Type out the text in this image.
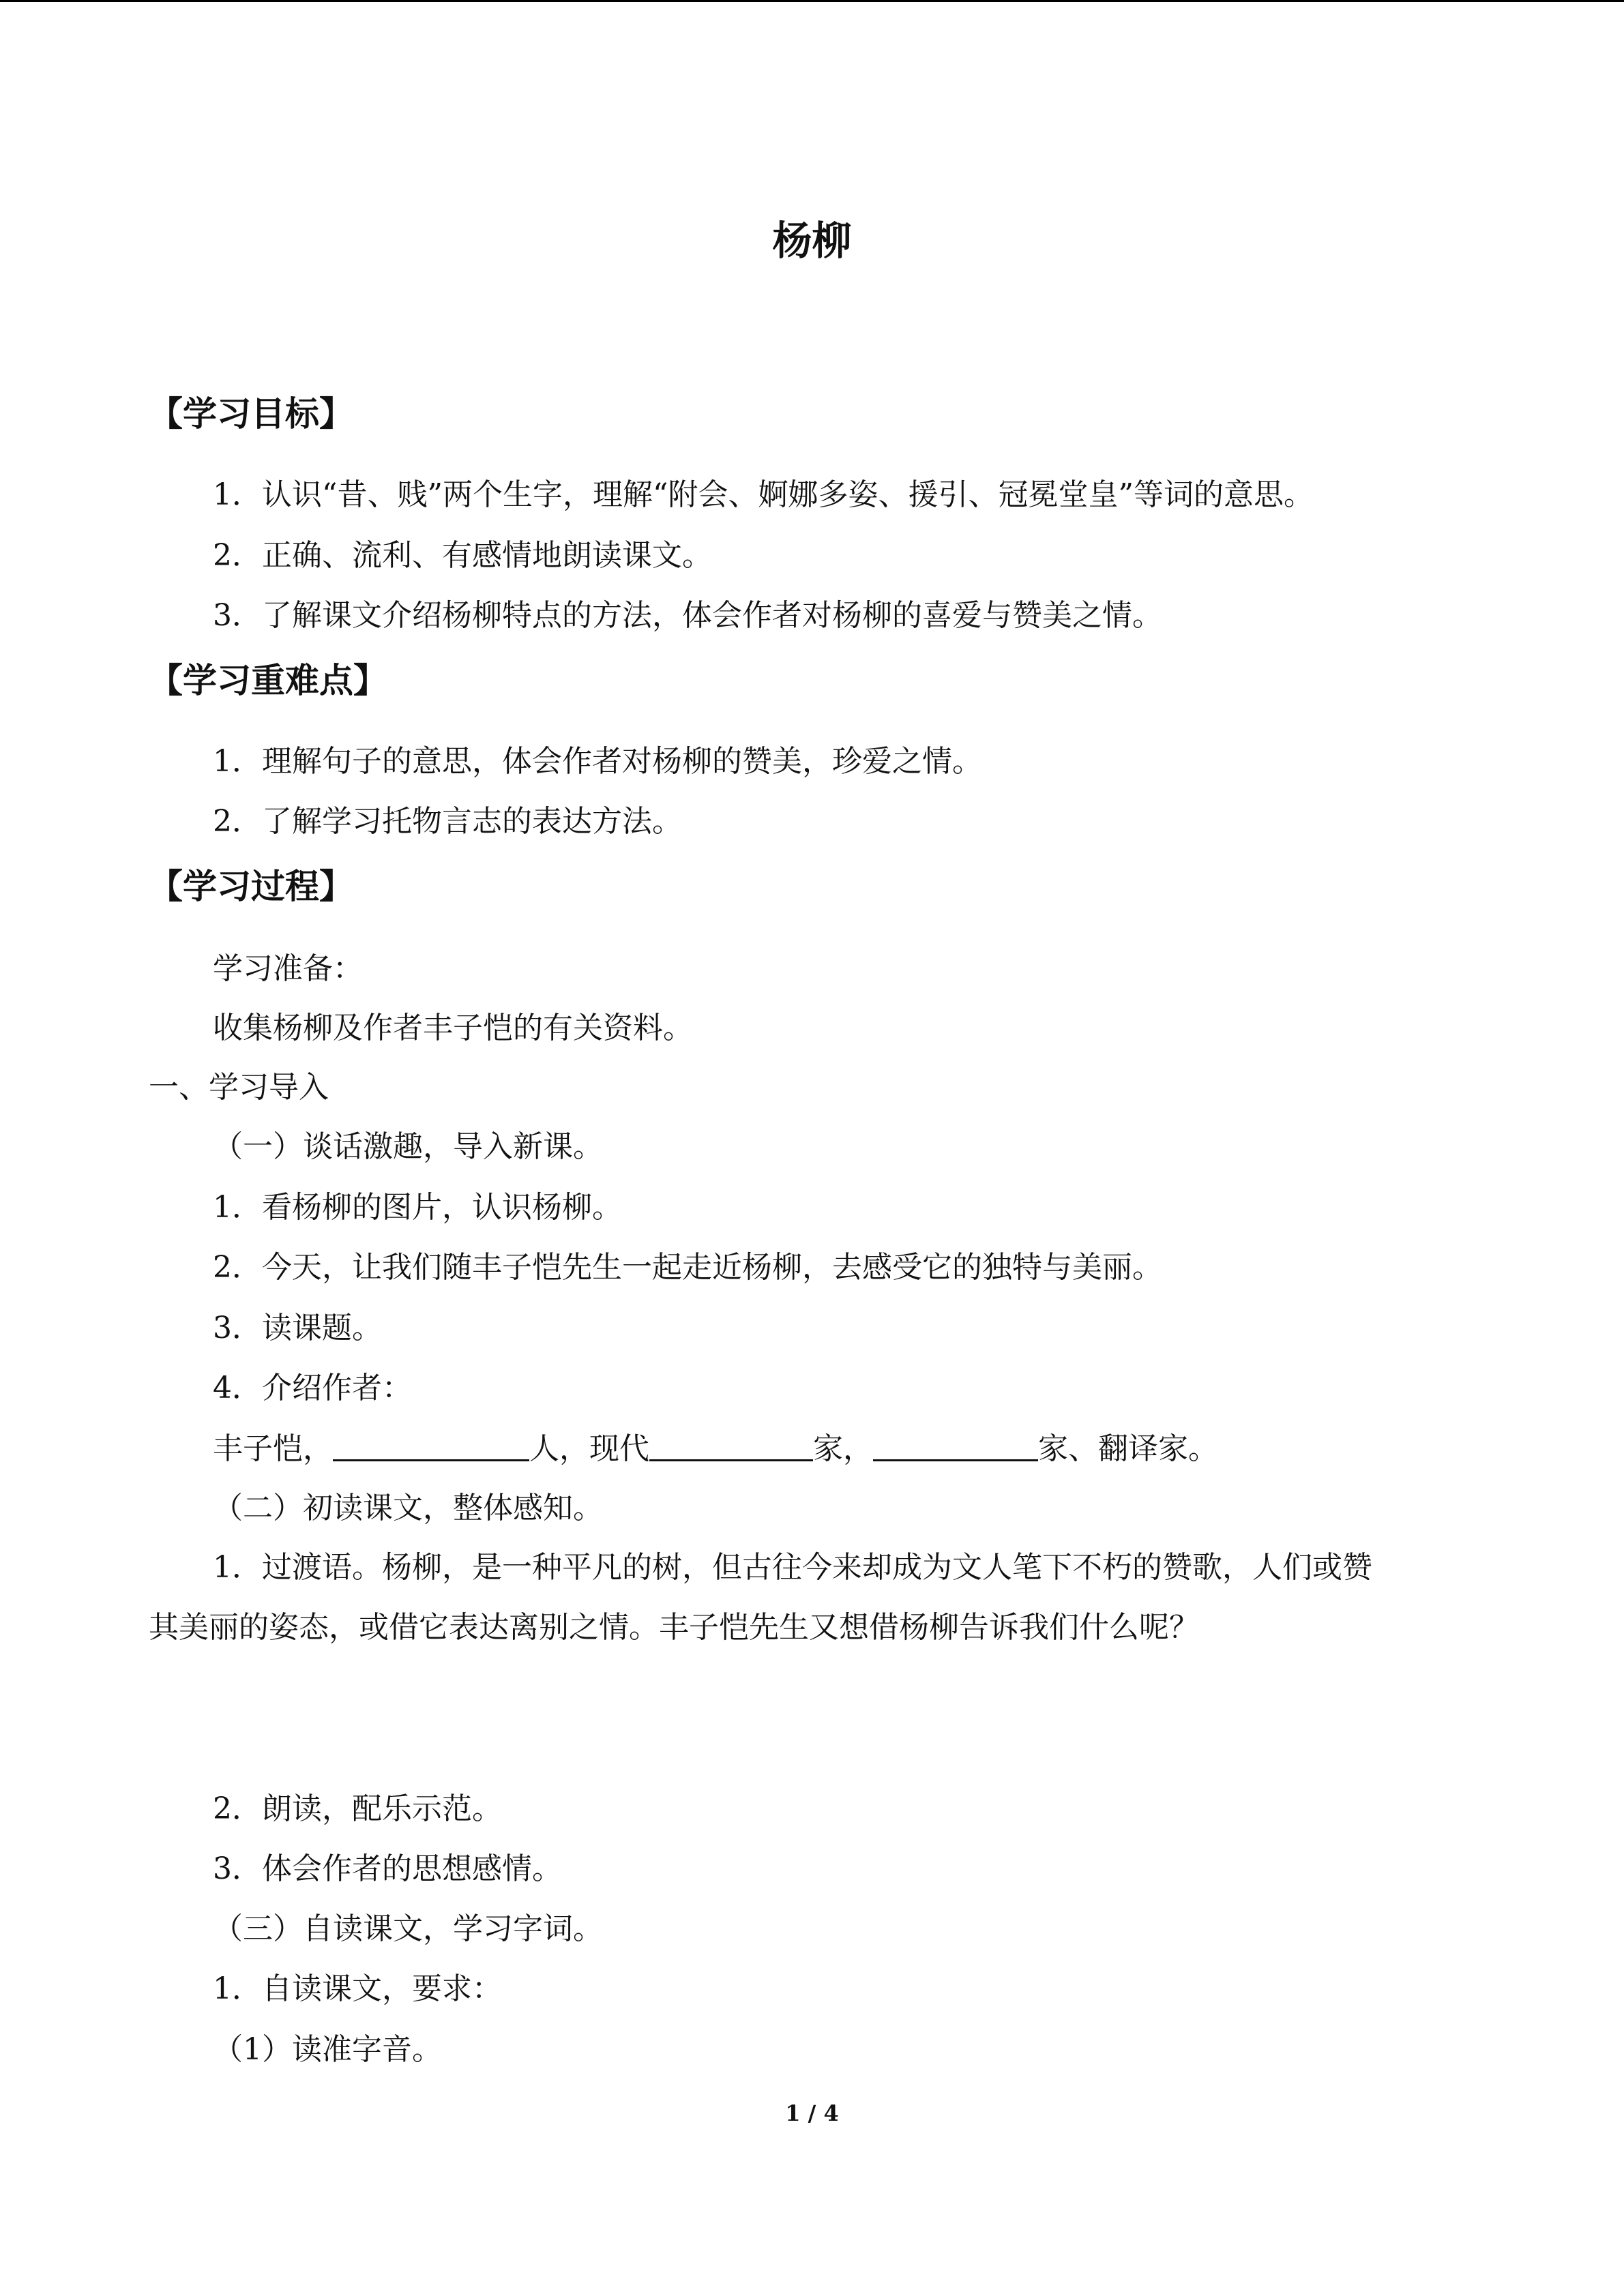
杨柳
【学习目标】
1．认识“昔、贱”两个生字，理解“附会、婀娜多姿、援引、冠冕堂皇”等词的意思。
2．正确、流利、有感情地朗读课文。
3．了解课文介绍杨柳特点的方法，体会作者对杨柳的喜爱与赞美之情。
【学习重难点】
1．理解句子的意思，体会作者对杨柳的赞美，珍爱之情。
2．了解学习托物言志的表达方法。
【学习过程】
学习准备：
收集杨柳及作者丰子恺的有关资料。
一、学习导入
（一）谈话激趣，导入新课。
1．看杨柳的图片，认识杨柳。
2．今天，让我们随丰子恺先生一起走近杨柳，去感受它的独特与美丽。
3．读课题。
4．介绍作者：
丰子恺，	人，现代	家，	家、翻译家。
（二）初读课文，整体感知。
1．过渡语。杨柳，是一种平凡的树，但古往今来却成为文人笔下不朽的赞歌，人们或赞
其美丽的姿态，或借它表达离别之情。丰子恺先生又想借杨柳告诉我们什么呢？
2．朗读，配乐示范。
3．体会作者的思想感情。
（三）自读课文，学习字词。
1．自读课文，要求：
（1）读准字音。
1 / 4
